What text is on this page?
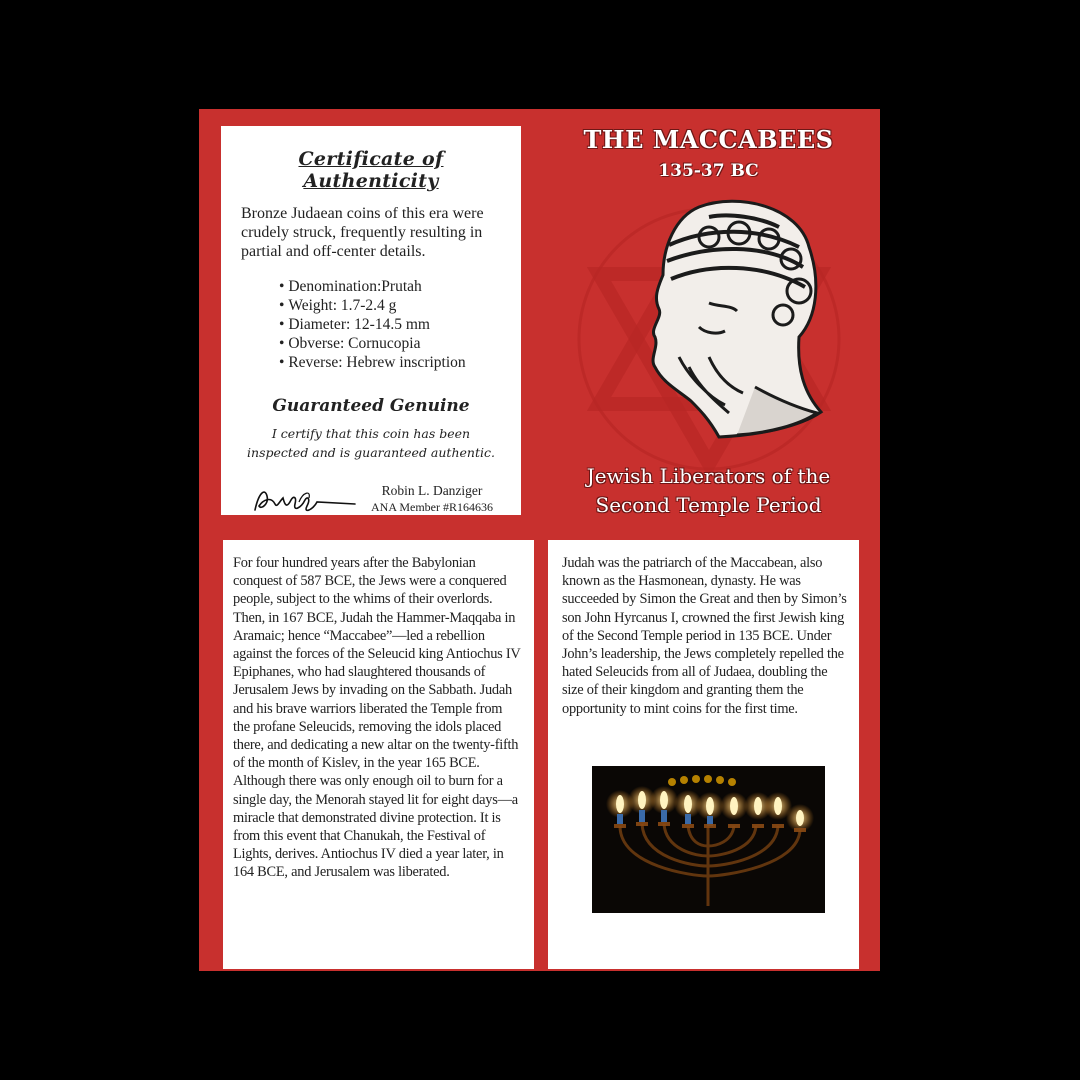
Certificate of Authenticity

Bronze Judaean coins of this era were crudely struck, frequently resulting in partial and off-center details.

• Denomination:Prutah
• Weight: 1.7-2.4 g
• Diameter: 12-14.5 mm
• Obverse: Cornucopia
• Reverse: Hebrew inscription
Guaranteed Genuine

I certify that this coin has been inspected and is guaranteed authentic.

Robin L. Danziger
ANA Member #R164636
THE MACCABEES
135-37 BC
Jewish Liberators of the
Second Temple Period

For four hundred years after the Babylonian conquest of 587 BCE, the Jews were a conquered people, subject to the whims of their overlords. Then, in 167 BCE, Judah the Hammer-Maqqaba in Aramaic; hence “Maccabee”—led a rebellion against the forces of the Seleucid king Antiochus IV Epiphanes, who had slaughtered thousands of Jerusalem Jews by invading on the Sabbath. Judah and his brave warriors liberated the Temple from the profane Seleucids, removing the idols placed there, and dedicating a new altar on the twenty-fifth of the month of Kislev, in the year 165 BCE. Although there was only enough oil to burn for a single day, the Menorah stayed lit for eight days—a miracle that demonstrated divine protection. It is from this event that Chanukah, the Festival of Lights, derives. Antiochus IV died a year later, in 164 BCE, and Jerusalem was liberated.

Judah was the patriarch of the Maccabean, also known as the Hasmonean, dynasty. He was succeeded by Simon the Great and then by Simon’s son John Hyrcanus I, crowned the first Jewish king of the Second Temple period in 135 BCE. Under John’s leadership, the Jews completely repelled the hated Seleucids from all of Judaea, doubling the size of their kingdom and granting them the opportunity to mint coins for the first time.
